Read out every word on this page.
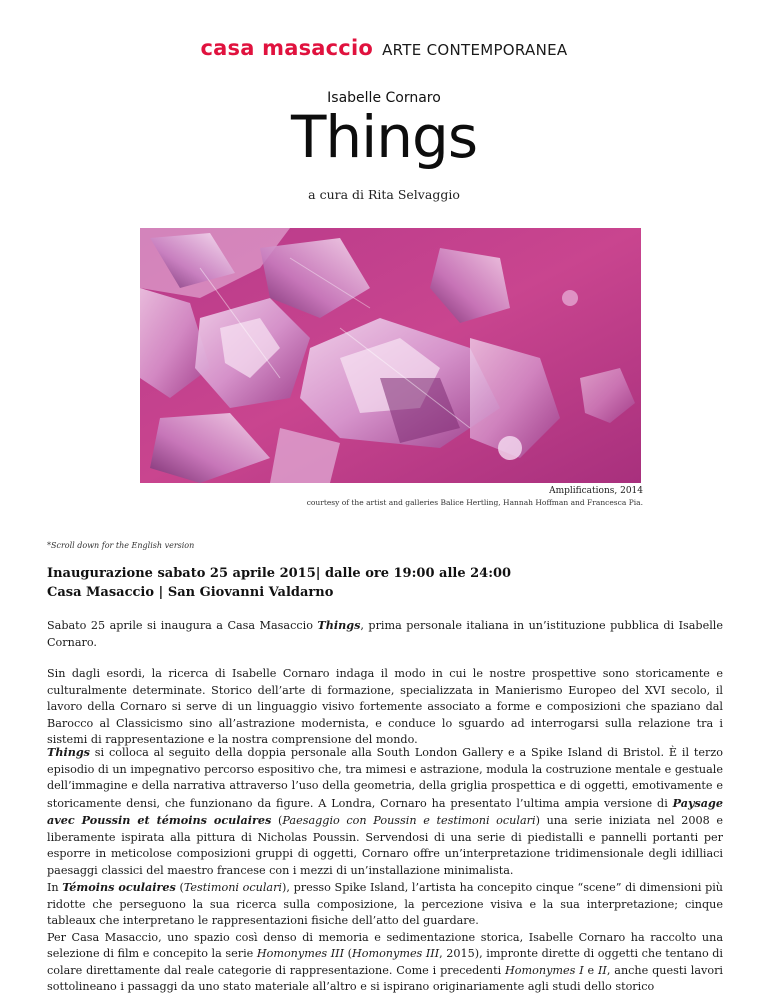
casa masaccio ARTE CONTEMPORANEA
Isabelle Cornaro
Things
a cura di Rita Selvaggio
Amplifications, 2014
courtesy of the artist and galleries Balice Hertling, Hannah Hoffman and Francesca Pia.
*Scroll down for the English version
Inaugurazione sabato 25 aprile 2015| dalle ore 19:00 alle 24:00
Casa Masaccio | San Giovanni Valdarno

Sabato 25 aprile si inaugura a Casa Masaccio Things, prima personale italiana in un’istituzione pubblica di Isabelle Cornaro.

Sin dagli esordi, la ricerca di Isabelle Cornaro indaga il modo in cui le nostre prospettive sono storicamente e culturalmente determinate. Storico dell’arte di formazione, specializzata in Manierismo Europeo del XVI secolo, il lavoro della Cornaro si serve di un linguaggio visivo fortemente associato a forme e composizioni che spaziano dal Barocco al Classicismo sino all’astrazione modernista, e conduce lo sguardo ad interrogarsi sulla relazione tra i sistemi di rappresentazione e la nostra comprensione del mondo.

Things si colloca al seguito della doppia personale alla South London Gallery e a Spike Island di Bristol. È il terzo episodio di un impegnativo percorso espositivo che, tra mimesi e astrazione, modula la costruzione mentale e gestuale dell’immagine e della narrativa attraverso l’uso della geometria, della griglia prospettica e di oggetti, emotivamente e storicamente densi, che funzionano da figure. A Londra, Cornaro ha presentato l’ultima ampia versione di Paysage avec Poussin et témoins oculaires (Paesaggio con Poussin e testimoni oculari) una serie iniziata nel 2008 e liberamente ispirata alla pittura di Nicholas Poussin. Servendosi di una serie di piedistalli e pannelli portanti per esporre in meticolose composizioni gruppi di oggetti, Cornaro offre un’interpretazione tridimensionale degli idilliaci paesaggi classici del maestro francese con i mezzi di un’installazione minimalista.

In Témoins oculaires (Testimoni oculari), presso Spike Island, l’artista ha concepito cinque “scene” di dimensioni più ridotte che perseguono la sua ricerca sulla composizione, la percezione visiva e la sua interpretazione; cinque tableaux che interpretano le rappresentazioni fisiche dell’atto del guardare.

Per Casa Masaccio, uno spazio così denso di memoria e sedimentazione storica, Isabelle Cornaro ha raccolto una selezione di film e concepito la serie Homonymes III (Homonymes III, 2015), impronte dirette di oggetti che tentano di colare direttamente dal reale categorie di rappresentazione. Come i precedenti Homonymes I e II, anche questi lavori sottolineano i passaggi da uno stato materiale all’altro e si ispirano originariamente agli studi dello storico
